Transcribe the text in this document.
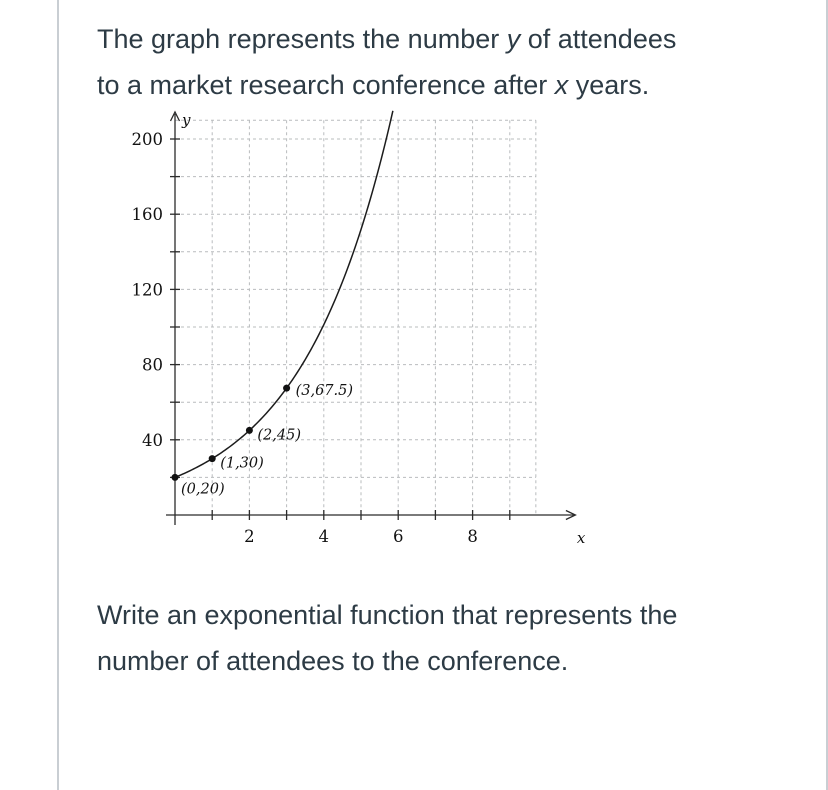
The graph represents the number y of attendees to a market research conference after x years.

2	4	6	8
40
80
120
160
200
y
x
(0,20)
(1,30)
(2,45)
(3,67.5)

Write an exponential function that represents the number of attendees to the conference.
